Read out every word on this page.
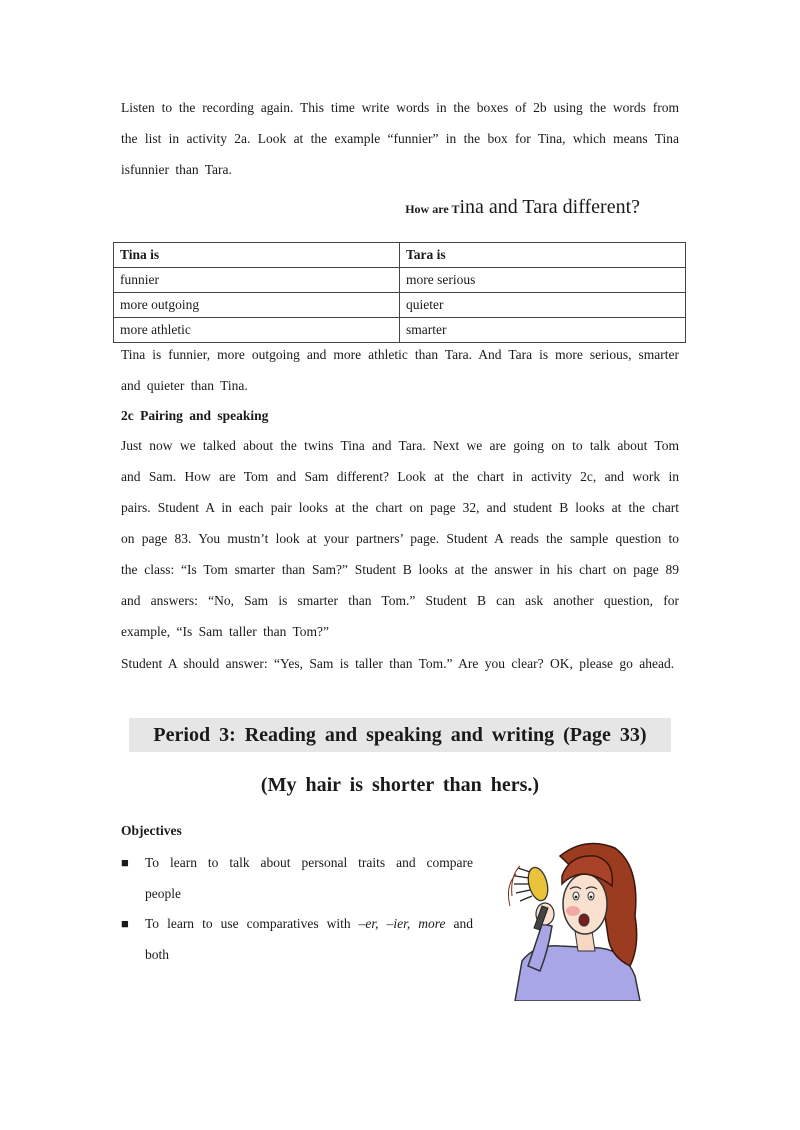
Listen to the recording again. This time write words in the boxes of 2b using the words from the list in activity 2a. Look at the example “funnier” in the box for Tina, which means Tina isfunnier than Tara.

How are Tina and Tara different?
Tina is	Tara is
funnier	more serious
more outgoing	quieter
more athletic	smarter

Tina is funnier, more outgoing and more athletic than Tara. And Tara is more serious, smarter and quieter than Tina.

2c Pairing and speaking

Just now we talked about the twins Tina and Tara. Next we are going on to talk about Tom and Sam. How are Tom and Sam different? Look at the chart in activity 2c, and work in pairs. Student A in each pair looks at the chart on page 32, and student B looks at the chart on page 83. You mustn’t look at your partners’ page. Student A reads the sample question to the class: “Is Tom smarter than Sam?” Student B looks at the answer in his chart on page 89 and answers: “No, Sam is smarter than Tom.” Student B can ask another question, for example, “Is Sam taller than Tom?”

Student A should answer: “Yes, Sam is taller than Tom.” Are you clear? OK, please go ahead.

Period 3: Reading and speaking and writing (Page 33)
(My hair is shorter than hers.)
Objectives
■	To learn to talk about personal traits and compare people
■	To learn to use comparatives with –er, –ier, more and both
